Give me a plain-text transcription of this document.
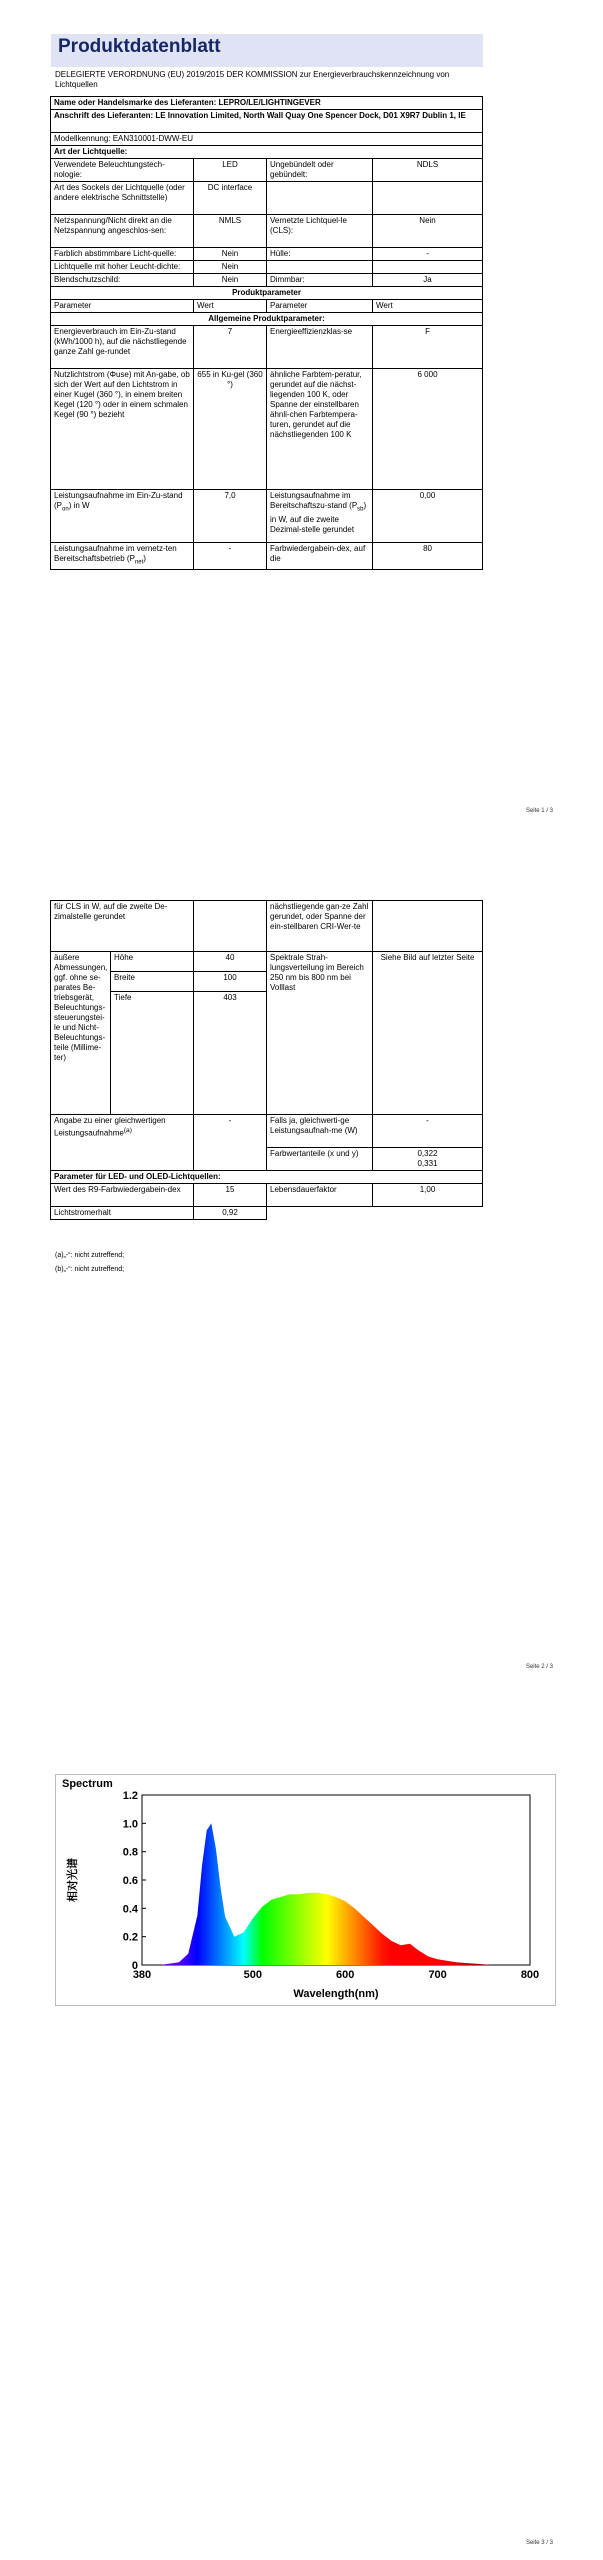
Produktdatenblatt
DELEGIERTE VERORDNUNG (EU) 2019/2015 DER KOMMISSION zur Energieverbrauchskennzeichnung von Lichtquellen
Name oder Handelsmarke des Lieferanten: LEPRO/LE/LIGHTINGEVER			
Anschrift des Lieferanten: LE Innovation Limited, North Wall Quay One Spencer Dock, D01 X9R7 Dublin 1, IE			
Modellkennung: EAN310001-DWW-EU			
Art der Lichtquelle:			
Verwendete Beleuchtungstech-nologie:	LED	Ungebündelt oder gebündelt:	NDLS
Art des Sockels der Lichtquelle (oder andere elektrische Schnittstelle)	DC interface		
Netzspannung/Nicht direkt an die Netzspannung angeschlos-sen:	NMLS	Vernetzte Lichtquel-le (CLS):	Nein
Farblich abstimmbare Licht-quelle:	Nein	Hülle:	-
Lichtquelle mit hoher Leucht-dichte:	Nein		
Blendschutzschild:	Nein	Dimmbar:	Ja
Produktparameter			
Parameter	Wert	Parameter	Wert
Allgemeine Produktparameter:			
Energieverbrauch im Ein-Zu-stand (kWh/1000 h), auf die nächstliegende ganze Zahl ge-rundet	7	Energieeffizienzklas-se	F
Nutzlichtstrom (Φuse) mit An-gabe, ob sich der Wert auf den Lichtstrom in einer Kugel (360 °), in einem breiten Kegel (120 °) oder in einem schmalen Kegel (90 °) bezieht	655 in Ku-gel (360 °)	ähnliche Farbtem-peratur, gerundet auf die nächst-liegenden 100 K, oder Spanne der einstellbaren ähnli-chen Farbtempera-turen, gerundet auf die nächstliegenden 100 K	6 000
Leistungsaufnahme im Ein-Zu-stand $(P_{on})$ in W	7,0	Leistungsaufnahme im Bereitschaftszu-stand $(P_{sb})$ in W, auf die zweite Dezimal-stelle gerundet	0,00
Leistungsaufnahme im vernetz-ten Bereitschaftsbetrieb $(P_{net})$	-	Farbwiedergabein-dex, auf die	80
Seite 1 / 3
für CLS in W, auf die zweite De-zimalstelle gerundet			nächstliegende gan-ze Zahl gerundet, oder Spanne der ein-stellbaren CRI-Wer-te	
äußere Abmessungen, ggf. ohne se-parates Be-triebsgerät, Beleuchtungs-steuerungstei-le und Nicht-Beleuchtungs-teile (Millime-ter)	Höhe	40	Spektrale Strah-lungsverteilung im Bereich 250 nm bis 800 nm bei Volllast	Siehe Bild auf letzter Seite
	Breite	100		
	Tiefe	403		
Angabe zu einer gleichwertigen Leistungsaufnahme$^{(a)}$		-	Falls ja, gleichwerti-ge Leistungsaufnah-me (W)	-
			Farbwertanteile (x und y)	0,322
0,331

Parameter für LED- und OLED-Lichtquellen:				
Wert des R9-Farbwiedergabein-dex		15	Lebensdauerfaktor	1,00
Lichtstromerhalt		0,92		
(a)„-“: nicht zutreffend;
(b)„-“: nicht zutreffend;
Seite 2 / 3
Seite 3 / 3
0
0.2
0.4
0.6
0.8
1.0
1.2
380	500	600	700	800
Spectrum
Wavelength(nm)
相对光谱
